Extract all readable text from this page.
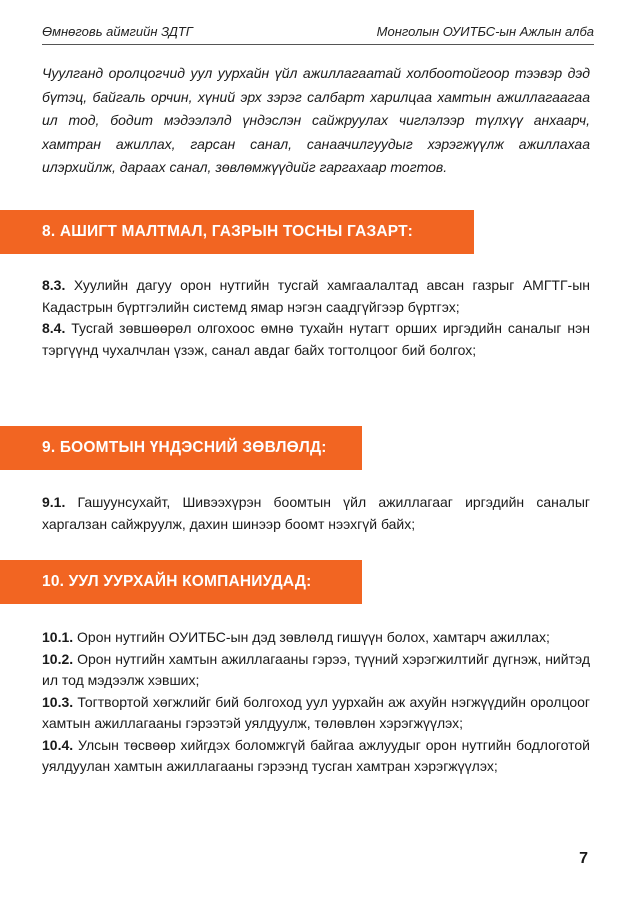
Өмнөговь аймгийн ЗДТГ	Монголын ОУИТБС-ын Ажлын алба
Чуулганд оролцогчид уул уурхайн үйл ажиллагаатай холбоотойгоор тээвэр дэд бүтэц, байгаль орчин, хүний эрх зэрэг салбарт харилцаа хамтын ажиллагаагаа ил тод, бодит мэдээлэлд үндэслэн сайжруулах чиглэлээр түлхүү анхаарч, хамтран ажиллах, гарсан санал, санаачилгуудыг хэрэгжүүлж ажиллахаа илэрхийлж, дараах санал, зөвлөмжүүдийг гаргахаар тогтов.
8. АШИГТ МАЛТМАЛ, ГАЗРЫН ТОСНЫ ГАЗАРТ:

8.3. Хуулийн дагуу орон нутгийн тусгай хамгаалалтад авсан газрыг АМГТГ-ын Кадастрын бүртгэлийн системд ямар нэгэн саадгүйгээр бүртгэх;

8.4. Тусгай зөвшөөрөл олгохоос өмнө тухайн нутагт орших иргэдийн саналыг нэн тэргүүнд чухалчлан үзэж, санал авдаг байх тогтолцоог бий болгох;

9. БООМТЫН ҮНДЭСНИЙ ЗӨВЛӨЛД:

9.1. Гашуунсухайт, Шивээхүрэн боомтын үйл ажиллагааг иргэдийн саналыг харгалзан сайжруулж, дахин шинээр боомт нээхгүй байх;

10. УУЛ УУРХАЙН КОМПАНИУДАД:

10.1. Орон нутгийн ОУИТБС-ын дэд зөвлөлд гишүүн болох, хамтарч ажиллах;

10.2. Орон нутгийн хамтын ажиллагааны гэрээ, түүний хэрэгжилтийг дүгнэж, нийтэд ил тод мэдээлж хэвших;

10.3. Тогтвортой хөгжлийг бий болгоход уул уурхайн аж ахуйн нэгжүүдийн оролцоог хамтын ажиллагааны гэрээтэй уялдуулж, төлөвлөн хэрэгжүүлэх;

10.4. Улсын төсвөөр хийгдэх боломжгүй байгаа ажлуудыг орон нутгийн бодлоготой уялдуулан хамтын ажиллагааны гэрээнд тусган хамтран хэрэгжүүлэх;

7
